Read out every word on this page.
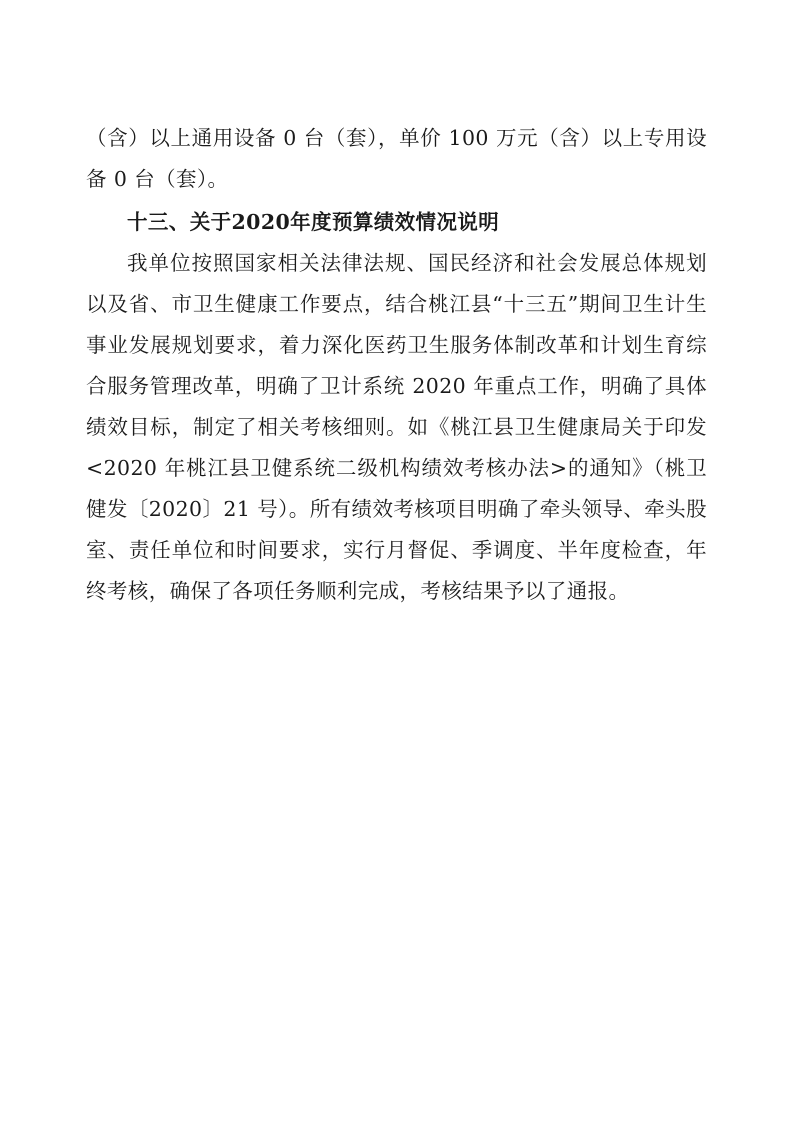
（含）以上通用设备 0 台（套），单价 100 万元（含）以上专用设备 0 台（套）。

十三、关于2020年度预算绩效情况说明

我单位按照国家相关法律法规、国民经济和社会发展总体规划以及省、市卫生健康工作要点，结合桃江县“十三五”期间卫生计生事业发展规划要求，着力深化医药卫生服务体制改革和计划生育综合服务管理改革，明确了卫计系统 2020 年重点工作，明确了具体绩效目标，制定了相关考核细则。如《桃江县卫生健康局关于印发<2020 年桃江县卫健系统二级机构绩效考核办法>的通知》（桃卫健发〔2020〕21 号）。所有绩效考核项目明确了牵头领导、牵头股室、责任单位和时间要求，实行月督促、季调度、半年度检查，年终考核，确保了各项任务顺利完成，考核结果予以了通报。
